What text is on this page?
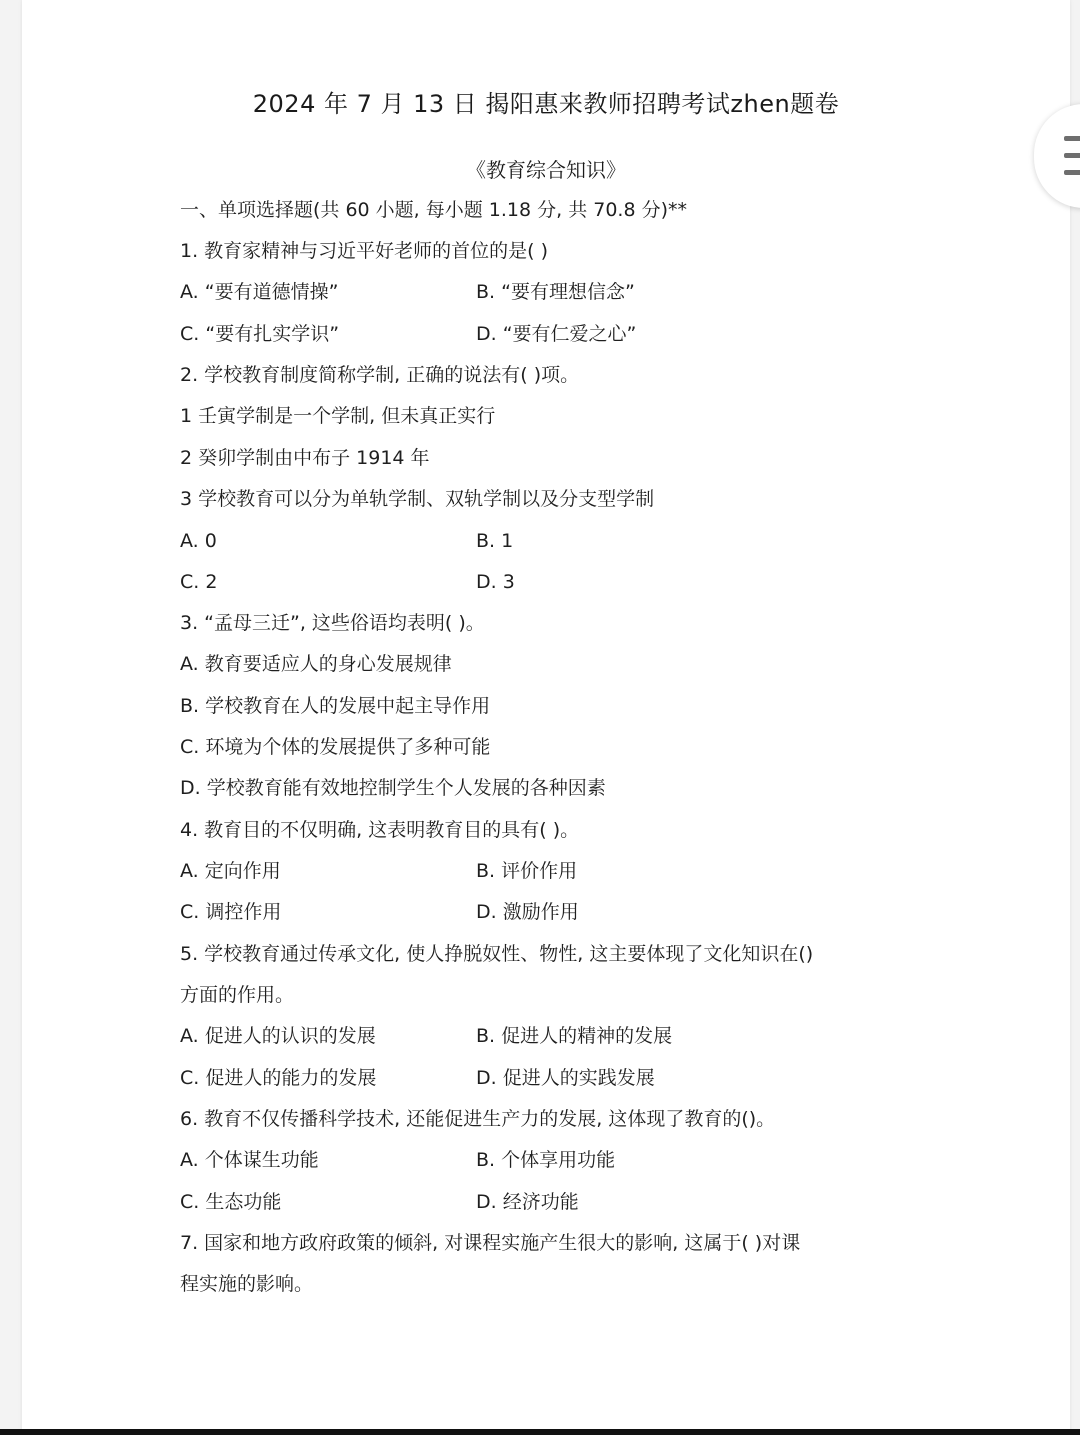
2024 年 7 月 13 日 揭阳惠来教师招聘考试zhen题卷
《教育综合知识》
一、单项选择题(共 60 小题, 每小题 1.18 分, 共 70.8 分)**
1. 教育家精神与习近平好老师的首位的是( )
A. “要有道德情操”	B. “要有理想信念”
C. “要有扎实学识”	D. “要有仁爱之心”
2. 学校教育制度简称学制, 正确的说法有( )项。
1 壬寅学制是一个学制, 但未真正实行
2 癸卯学制由中布子 1914 年
3 学校教育可以分为单轨学制、双轨学制以及分支型学制
A. 0	B. 1
C. 2	D. 3
3. “孟母三迁”, 这些俗语均表明( )。
A. 教育要适应人的身心发展规律
B. 学校教育在人的发展中起主导作用
C. 环境为个体的发展提供了多种可能
D. 学校教育能有效地控制学生个人发展的各种因素
4. 教育目的不仅明确, 这表明教育目的具有( )。
A. 定向作用	B. 评价作用
C. 调控作用	D. 激励作用
5. 学校教育通过传承文化, 使人挣脱奴性、物性, 这主要体现了文化知识在()
方面的作用。
A. 促进人的认识的发展	B. 促进人的精神的发展
C. 促进人的能力的发展	D. 促进人的实践发展
6. 教育不仅传播科学技术, 还能促进生产力的发展, 这体现了教育的()。
A. 个体谋生功能	B. 个体享用功能
C. 生态功能	D. 经济功能
7. 国家和地方政府政策的倾斜, 对课程实施产生很大的影响, 这属于( )对课
程实施的影响。
